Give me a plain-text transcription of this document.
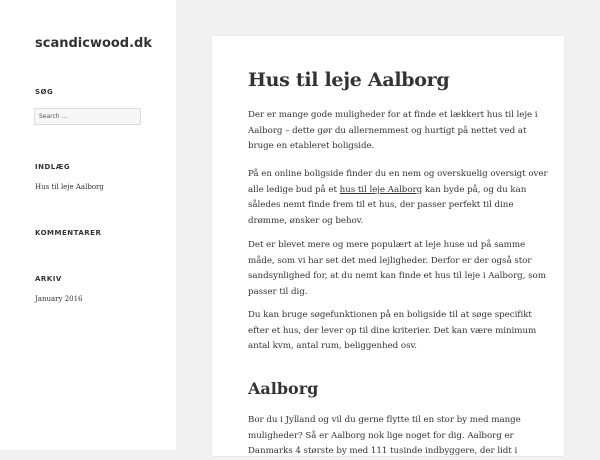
scandicwood.dk
SØG
Search ...
INDLÆG
Hus til leje Aalborg
KOMMENTARER
ARKIV
January 2016
Hus til leje Aalborg

Der er mange gode muligheder for at finde et lækkert hus til leje i Aalborg – dette gør du allernemmest og hurtigt på nettet ved at bruge en etableret boligside.

På en online boligside finder du en nem og overskuelig oversigt over alle ledige bud på et hus til leje Aalborg kan byde på, og du kan således nemt finde frem til et hus, der passer perfekt til dine drømme, ønsker og behov.

Det er blevet mere og mere populært at leje huse ud på samme måde, som vi har set det med lejligheder. Derfor er der også stor sandsynlighed for, at du nemt kan finde et hus til leje i Aalborg, som passer til dig.

Du kan bruge søgefunktionen på en boligside til at søge specifikt efter et hus, der lever op til dine kriterier. Det kan være minimum antal kvm, antal rum, beliggenhed osv.

Aalborg

Bor du i Jylland og vil du gerne flytte til en stor by med mange muligheder? Så er Aalborg nok lige noget for dig. Aalborg er Danmarks 4 største by med 111 tusinde indbyggere, der lidt i
